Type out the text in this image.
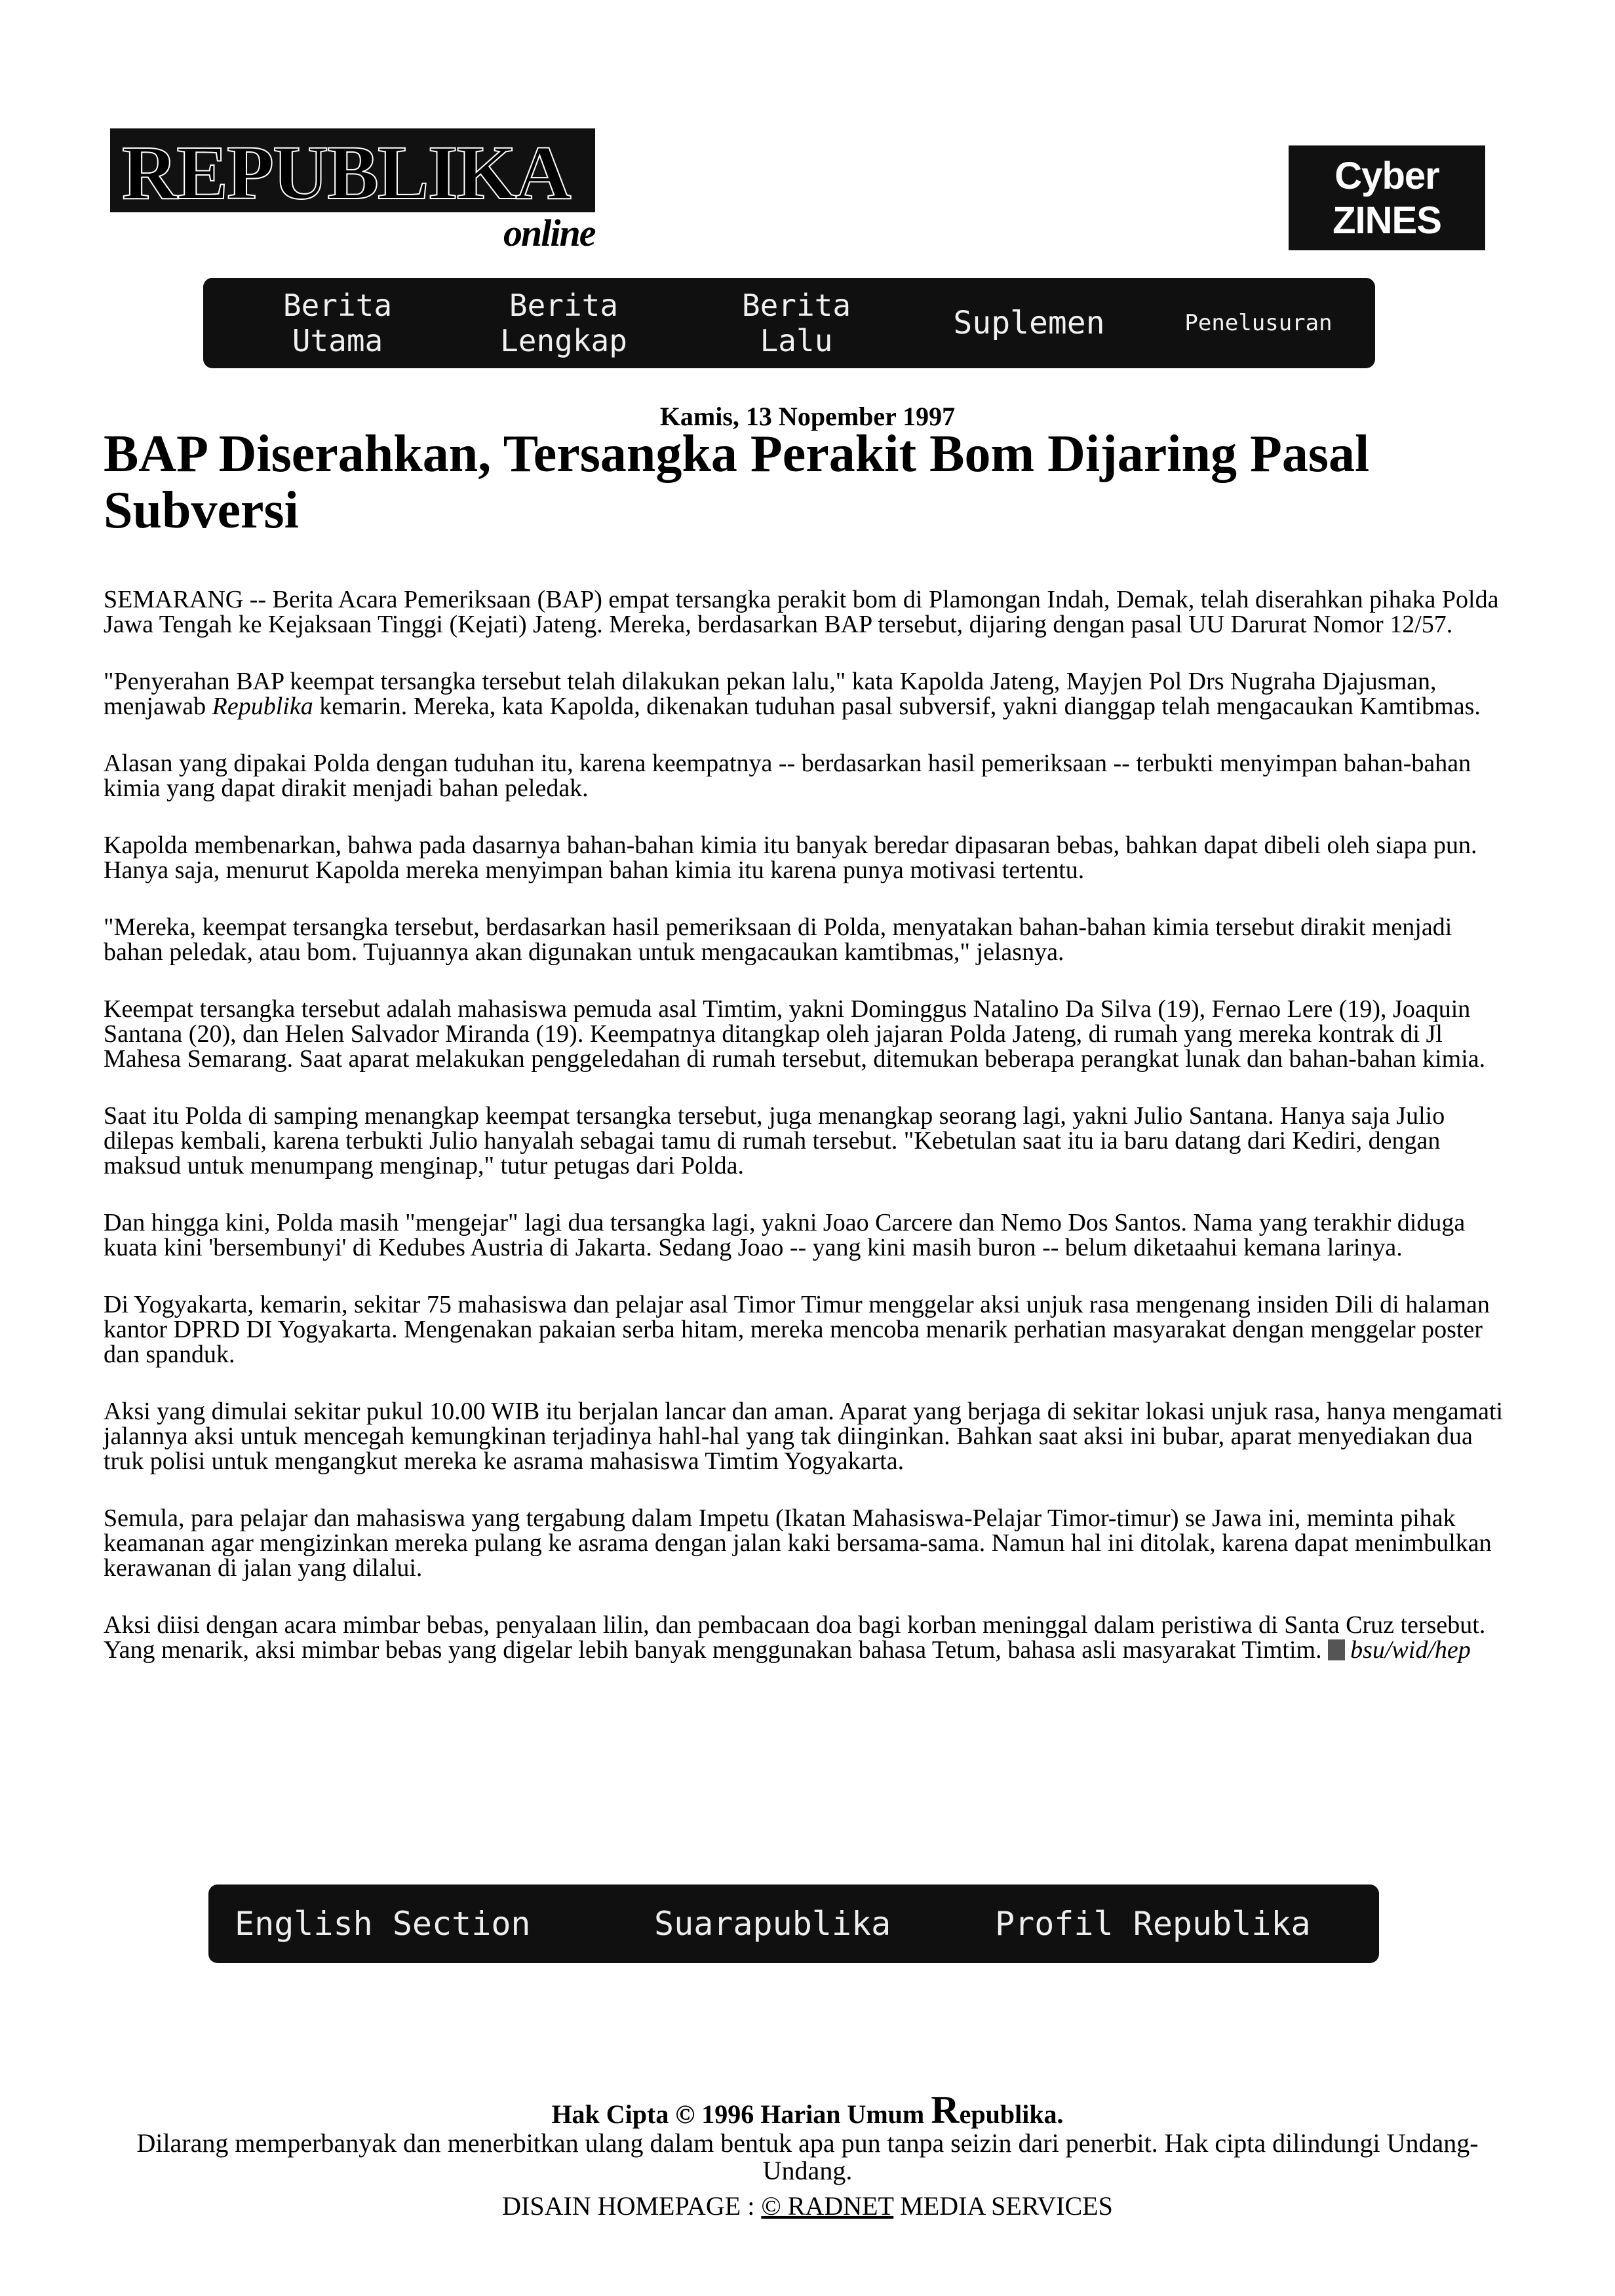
REPUBLIKA
online
Cyber
ZINES
Berita
Utama
Berita
Lengkap
Berita
Lalu	Suplemen	Penelusuran
Kamis, 13 Nopember 1997
BAP Diserahkan, Tersangka Perakit Bom Dijaring Pasal Subversi

SEMARANG -- Berita Acara Pemeriksaan (BAP) empat tersangka perakit bom di Plamongan Indah, Demak, telah diserahkan pihaka Polda Jawa Tengah ke Kejaksaan Tinggi (Kejati) Jateng. Mereka, berdasarkan BAP tersebut, dijaring dengan pasal UU Darurat Nomor 12/57.

"Penyerahan BAP keempat tersangka tersebut telah dilakukan pekan lalu," kata Kapolda Jateng, Mayjen Pol Drs Nugraha Djajusman, menjawab Republika kemarin. Mereka, kata Kapolda, dikenakan tuduhan pasal subversif, yakni dianggap telah mengacaukan Kamtibmas.

Alasan yang dipakai Polda dengan tuduhan itu, karena keempatnya -- berdasarkan hasil pemeriksaan -- terbukti menyimpan bahan-bahan kimia yang dapat dirakit menjadi bahan peledak.

Kapolda membenarkan, bahwa pada dasarnya bahan-bahan kimia itu banyak beredar dipasaran bebas, bahkan dapat dibeli oleh siapa pun. Hanya saja, menurut Kapolda mereka menyimpan bahan kimia itu karena punya motivasi tertentu.

"Mereka, keempat tersangka tersebut, berdasarkan hasil pemeriksaan di Polda, menyatakan bahan-bahan kimia tersebut dirakit menjadi bahan peledak, atau bom. Tujuannya akan digunakan untuk mengacaukan kamtibmas," jelasnya.

Keempat tersangka tersebut adalah mahasiswa pemuda asal Timtim, yakni Dominggus Natalino Da Silva (19), Fernao Lere (19), Joaquin Santana (20), dan Helen Salvador Miranda (19). Keempatnya ditangkap oleh jajaran Polda Jateng, di rumah yang mereka kontrak di Jl Mahesa Semarang. Saat aparat melakukan penggeledahan di rumah tersebut, ditemukan beberapa perangkat lunak dan bahan-bahan kimia.

Saat itu Polda di samping menangkap keempat tersangka tersebut, juga menangkap seorang lagi, yakni Julio Santana. Hanya saja Julio dilepas kembali, karena terbukti Julio hanyalah sebagai tamu di rumah tersebut. "Kebetulan saat itu ia baru datang dari Kediri, dengan maksud untuk menumpang menginap," tutur petugas dari Polda.

Dan hingga kini, Polda masih "mengejar" lagi dua tersangka lagi, yakni Joao Carcere dan Nemo Dos Santos. Nama yang terakhir diduga kuata kini 'bersembunyi' di Kedubes Austria di Jakarta. Sedang Joao -- yang kini masih buron -- belum diketaahui kemana larinya.

Di Yogyakarta, kemarin, sekitar 75 mahasiswa dan pelajar asal Timor Timur menggelar aksi unjuk rasa mengenang insiden Dili di halaman kantor DPRD DI Yogyakarta. Mengenakan pakaian serba hitam, mereka mencoba menarik perhatian masyarakat dengan menggelar poster dan spanduk.

Aksi yang dimulai sekitar pukul 10.00 WIB itu berjalan lancar dan aman. Aparat yang berjaga di sekitar lokasi unjuk rasa, hanya mengamati jalannya aksi untuk mencegah kemungkinan terjadinya hahl-hal yang tak diinginkan. Bahkan saat aksi ini bubar, aparat menyediakan dua truk polisi untuk mengangkut mereka ke asrama mahasiswa Timtim Yogyakarta.

Semula, para pelajar dan mahasiswa yang tergabung dalam Impetu (Ikatan Mahasiswa-Pelajar Timor-timur) se Jawa ini, meminta pihak keamanan agar mengizinkan mereka pulang ke asrama dengan jalan kaki bersama-sama. Namun hal ini ditolak, karena dapat menimbulkan kerawanan di jalan yang dilalui.

Aksi diisi dengan acara mimbar bebas, penyalaan lilin, dan pembacaan doa bagi korban meninggal dalam peristiwa di Santa Cruz tersebut. Yang menarik, aksi mimbar bebas yang digelar lebih banyak menggunakan bahasa Tetum, bahasa asli masyarakat Timtim. bsu/wid/hep

English Section	Suarapublika	Profil Republika
Hak Cipta © 1996 Harian Umum Republika.
Dilarang memperbanyak dan menerbitkan ulang dalam bentuk apa pun tanpa seizin dari penerbit. Hak cipta dilindungi Undang-Undang.
DISAIN HOMEPAGE : © RADNET MEDIA SERVICES
